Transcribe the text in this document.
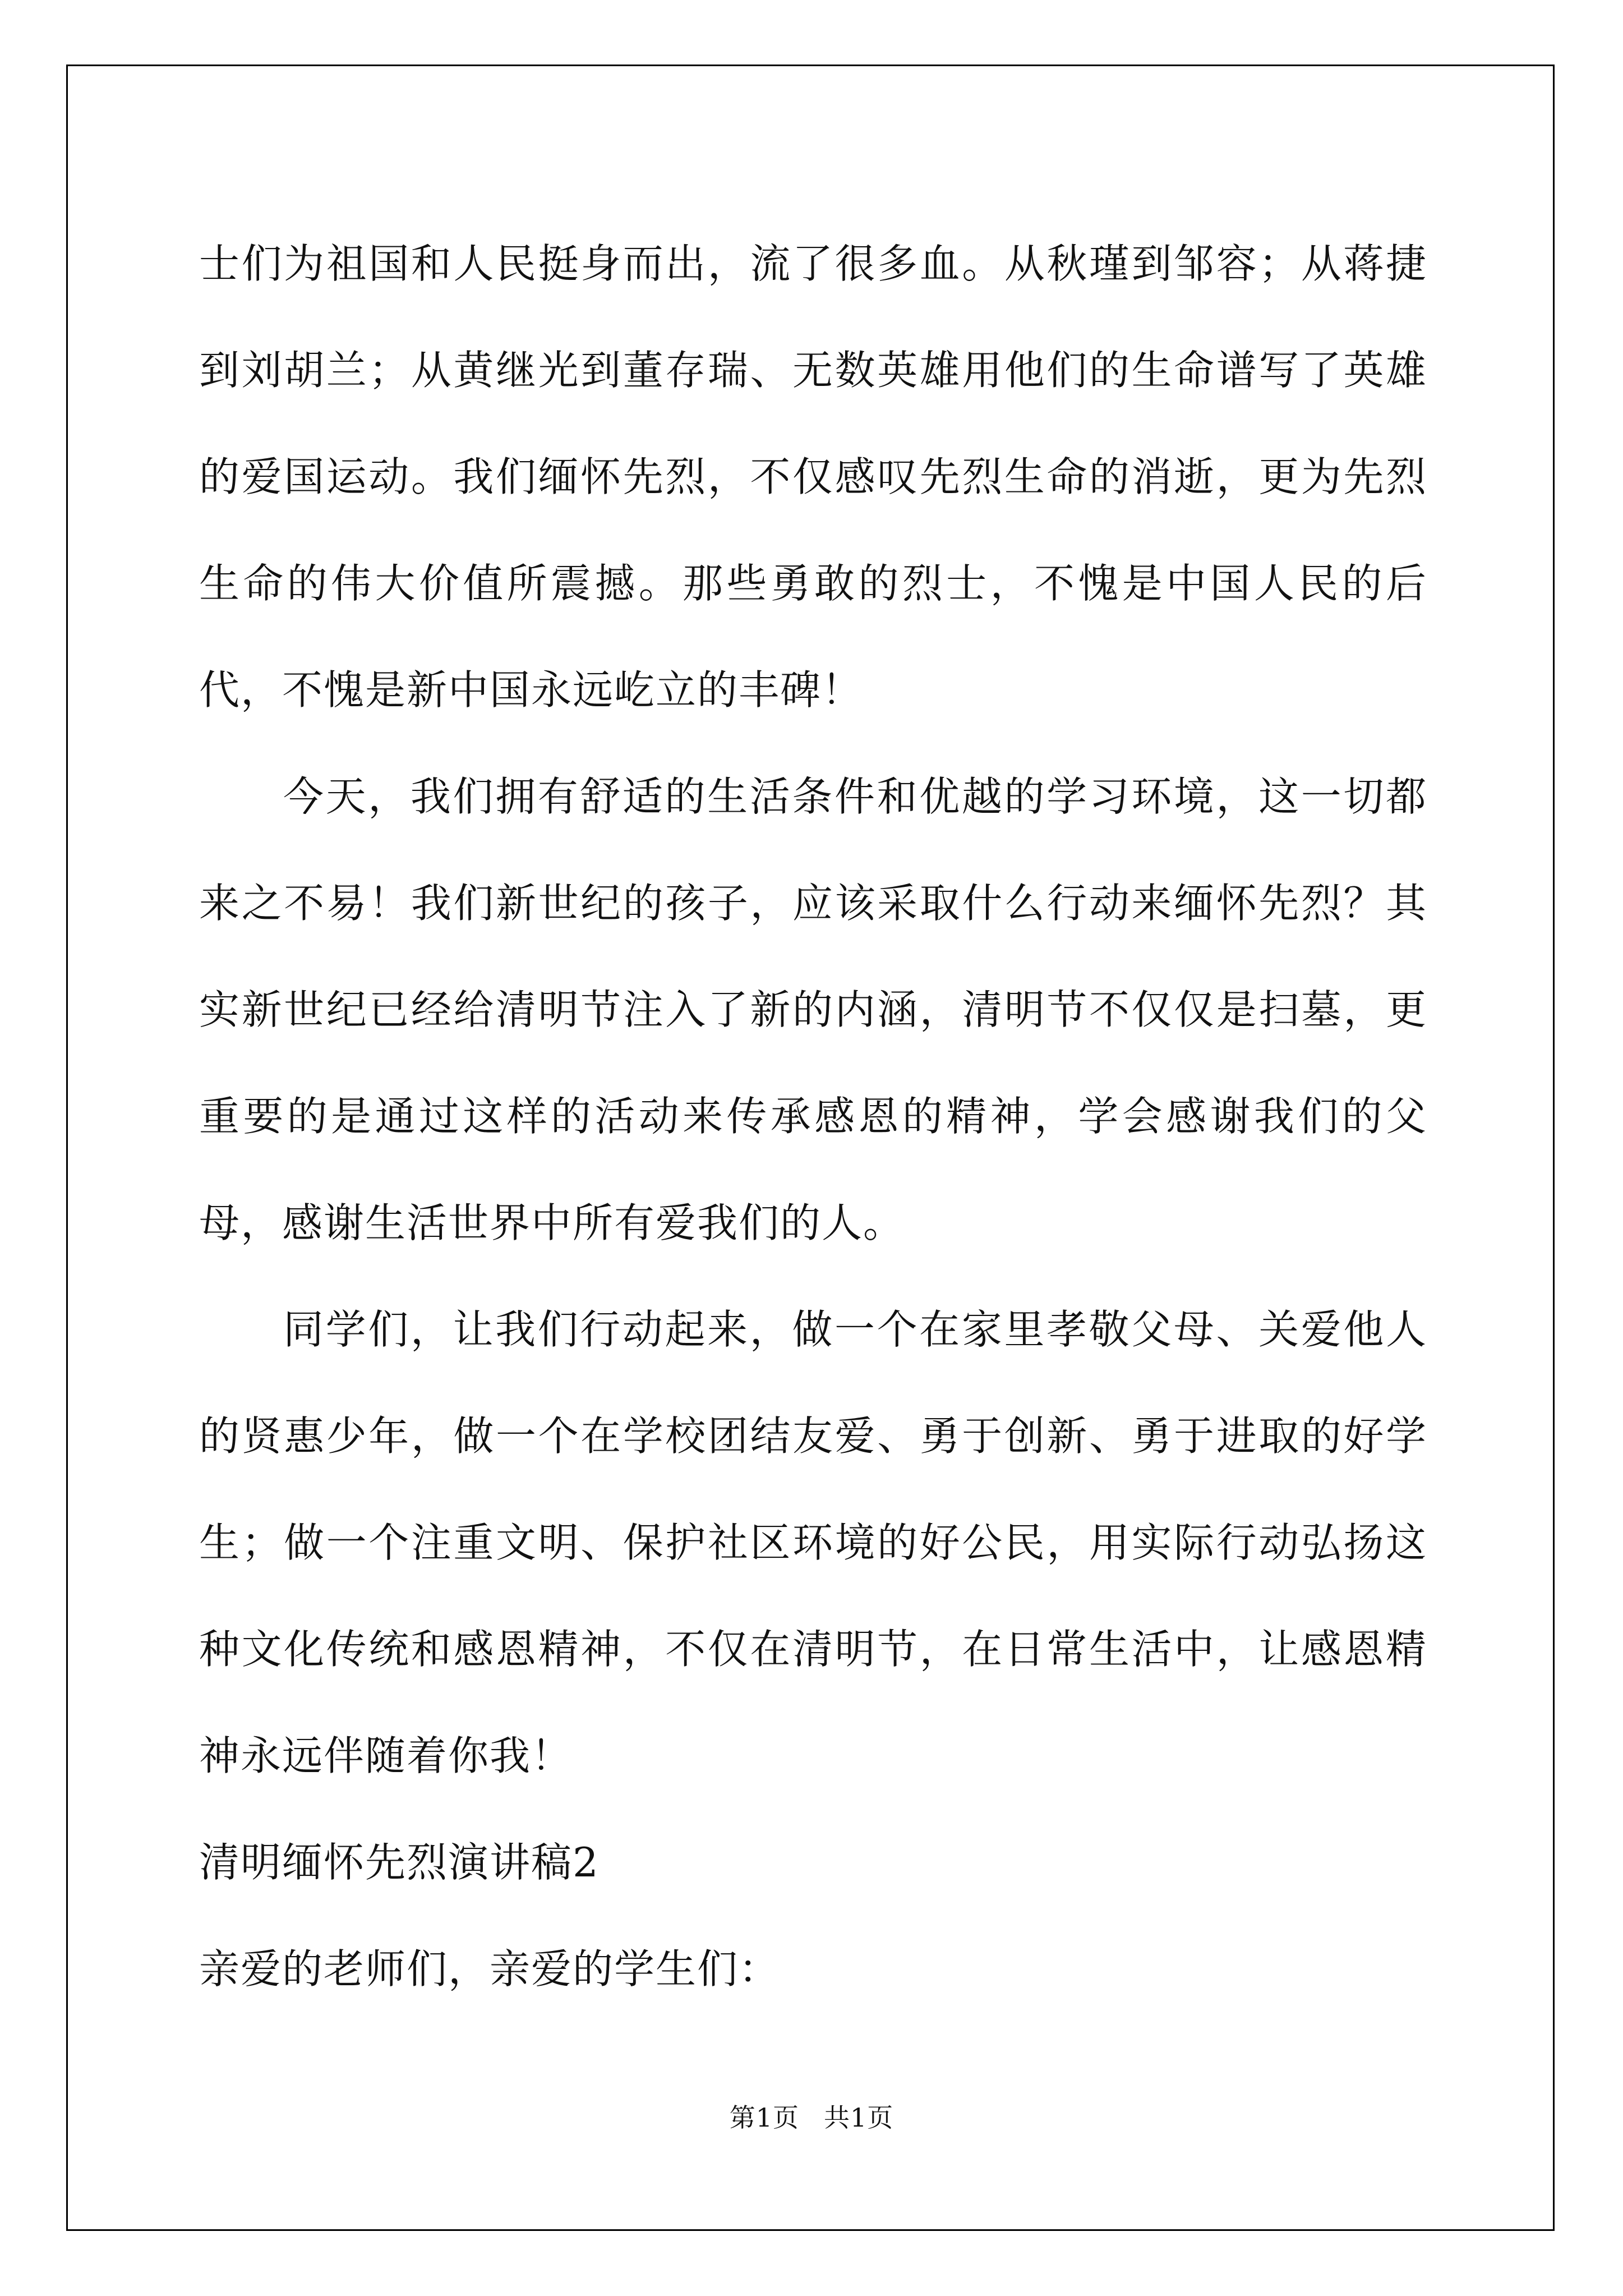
士们为祖国和人民挺身而出，流了很多血。从秋瑾到邹容；从蒋捷到刘胡兰；从黄继光到董存瑞、无数英雄用他们的生命谱写了英雄的爱国运动。我们缅怀先烈，不仅感叹先烈生命的消逝，更为先烈生命的伟大价值所震撼。那些勇敢的烈士，不愧是中国人民的后代，不愧是新中国永远屹立的丰碑！

今天，我们拥有舒适的生活条件和优越的学习环境，这一切都来之不易！我们新世纪的孩子，应该采取什么行动来缅怀先烈？其实新世纪已经给清明节注入了新的内涵，清明节不仅仅是扫墓，更重要的是通过这样的活动来传承感恩的精神，学会感谢我们的父母，感谢生活世界中所有爱我们的人。

同学们，让我们行动起来，做一个在家里孝敬父母、关爱他人的贤惠少年，做一个在学校团结友爱、勇于创新、勇于进取的好学生；做一个注重文明、保护社区环境的好公民，用实际行动弘扬这种文化传统和感恩精神，不仅在清明节，在日常生活中，让感恩精神永远伴随着你我！

清明缅怀先烈演讲稿2

亲爱的老师们，亲爱的学生们：

第1页 共1页
